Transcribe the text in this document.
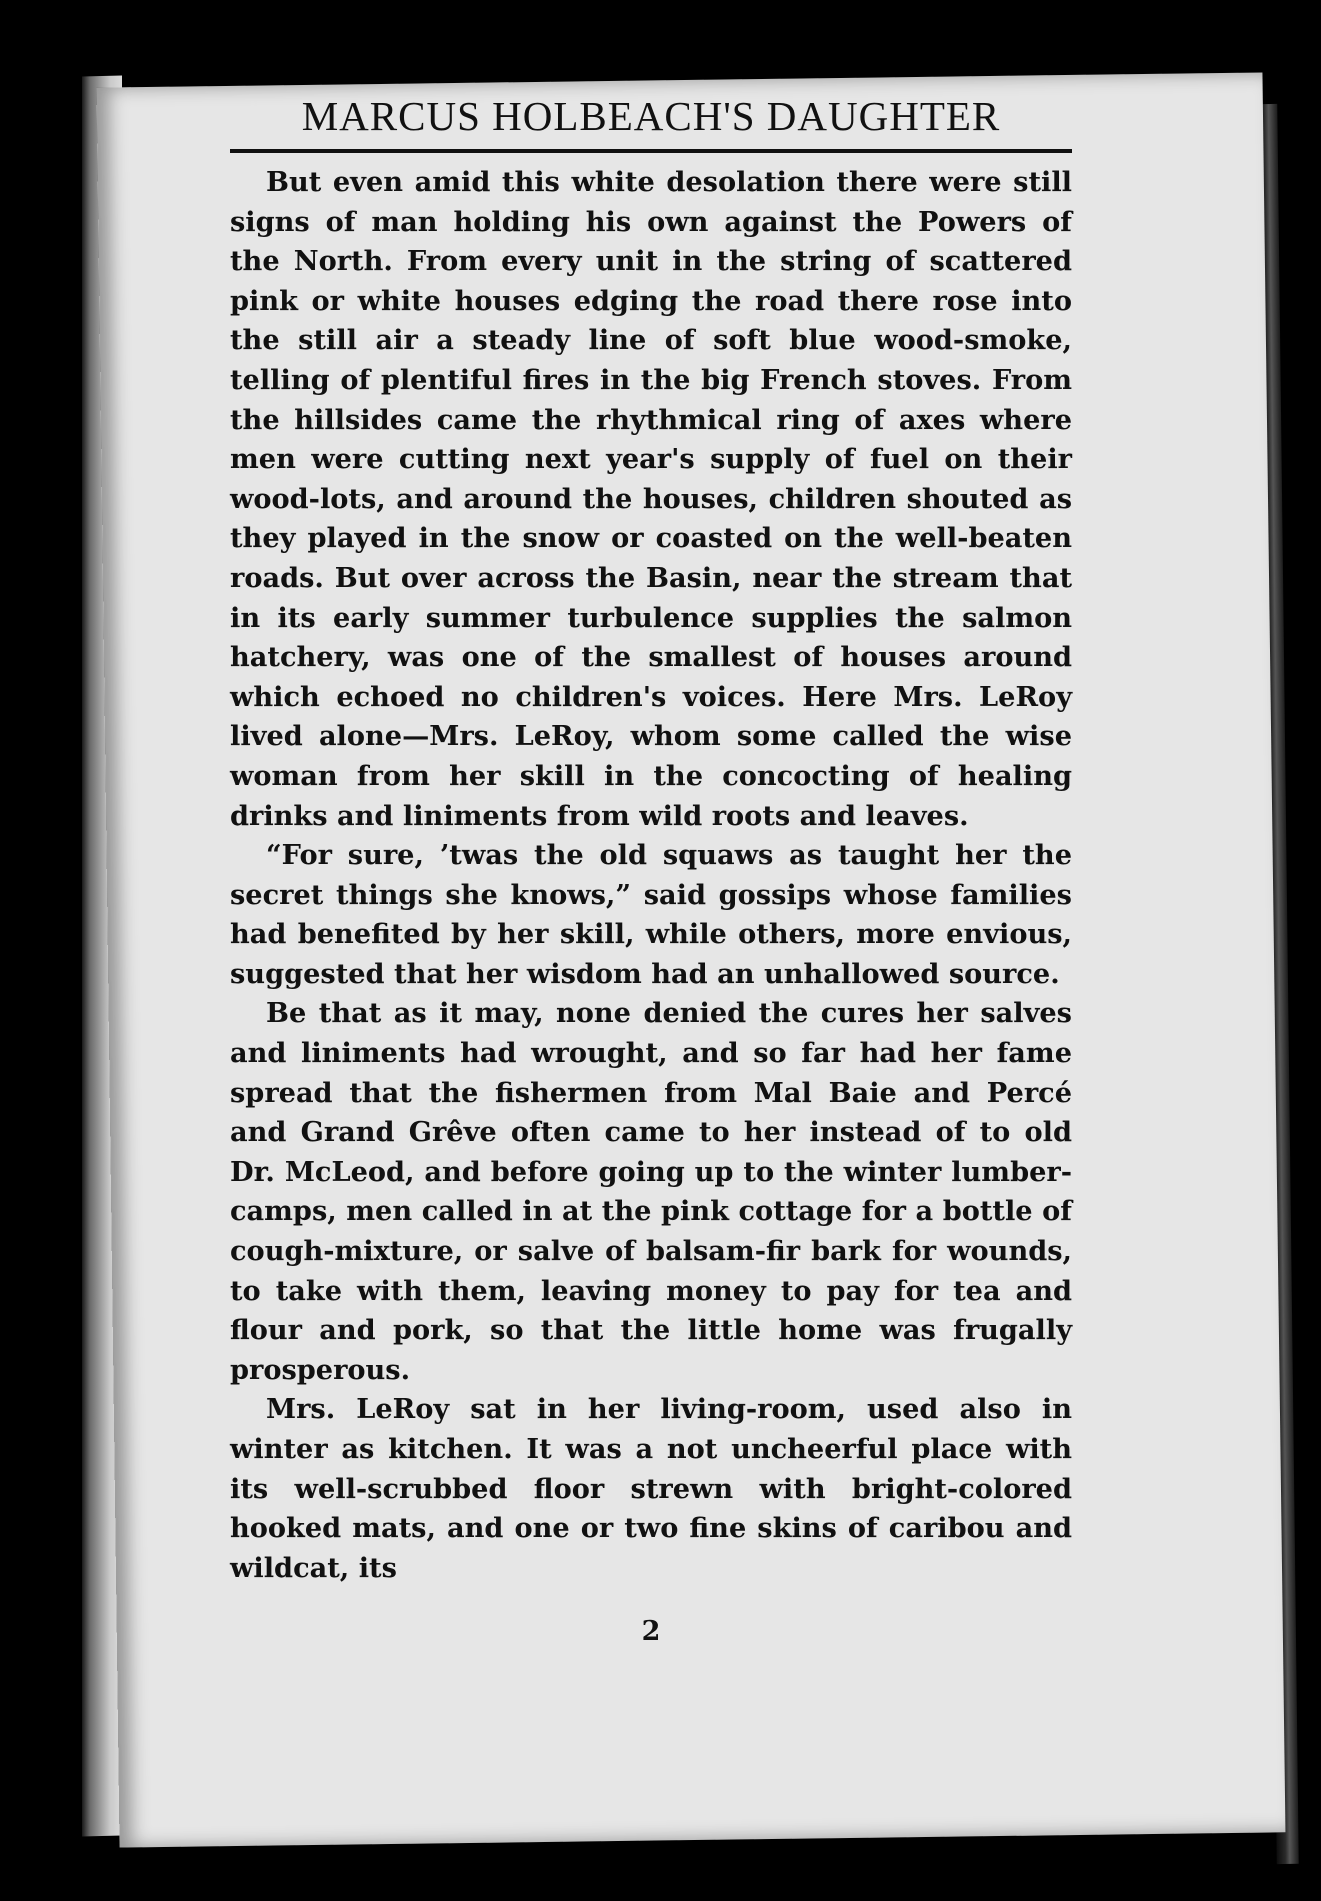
MARCUS HOLBEACH'S DAUGHTER

But even amid this white desolation there were still signs of man holding his own against the Powers of the North. From every unit in the string of scattered pink or white houses edging the road there rose into the still air a steady line of soft blue wood-smoke, telling of plentiful fires in the big French stoves. From the hillsides came the rhythmical ring of axes where men were cutting next year's supply of fuel on their wood-lots, and around the houses, children shouted as they played in the snow or coasted on the well-beaten roads. But over across the Basin, near the stream that in its early summer turbulence supplies the salmon hatchery, was one of the smallest of houses around which echoed no children's voices. Here Mrs. LeRoy lived alone—Mrs. LeRoy, whom some called the wise woman from her skill in the concocting of healing drinks and liniments from wild roots and leaves.

“For sure, ’twas the old squaws as taught her the secret things she knows,” said gossips whose families had benefited by her skill, while others, more envious, suggested that her wisdom had an unhallowed source.

Be that as it may, none denied the cures her salves and liniments had wrought, and so far had her fame spread that the fishermen from Mal Baie and Percé and Grand Grêve often came to her instead of to old Dr. McLeod, and before going up to the winter lumber-camps, men called in at the pink cottage for a bottle of cough-mixture, or salve of balsam-fir bark for wounds, to take with them, leaving money to pay for tea and flour and pork, so that the little home was frugally prosperous.

Mrs. LeRoy sat in her living-room, used also in winter as kitchen. It was a not uncheerful place with its well-scrubbed floor strewn with bright-colored hooked mats, and one or two fine skins of caribou and wildcat, its

2
